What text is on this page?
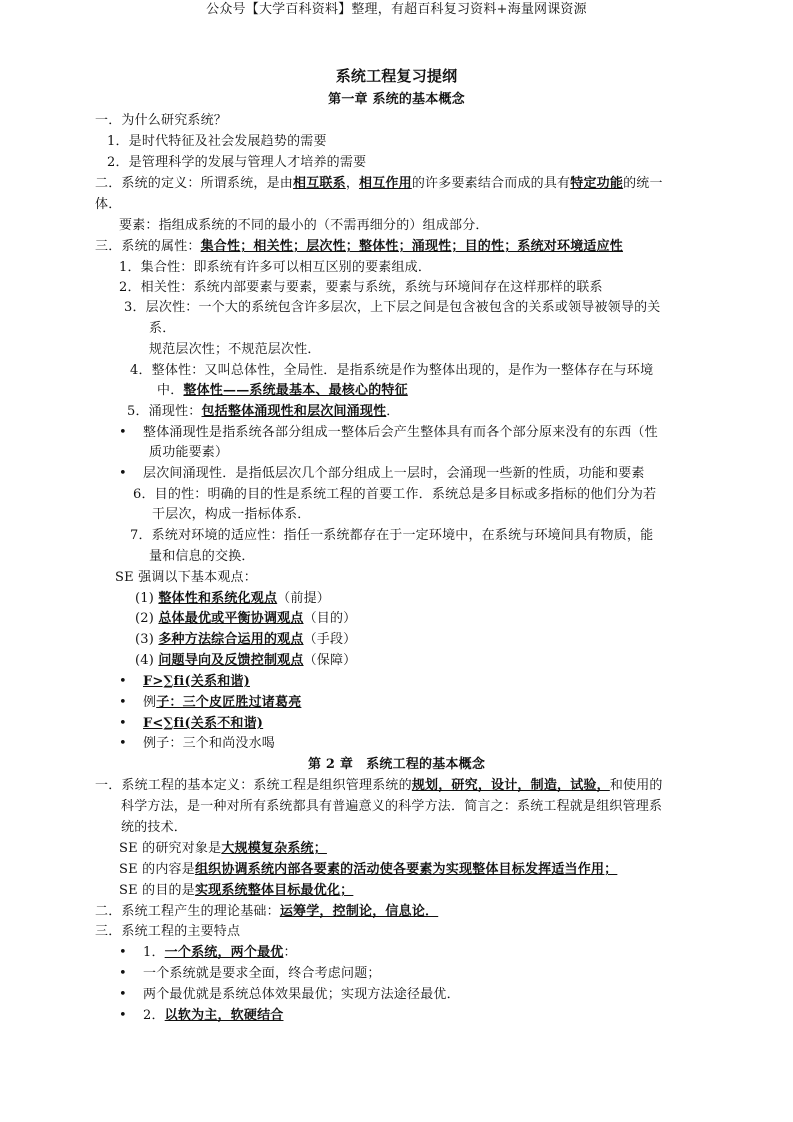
公众号【大学百科资料】整理，有超百科复习资料+海量网课资源
系统工程复习提纲
第一章 系统的基本概念
一．为什么研究系统？
1．是时代特征及社会发展趋势的需要
2．是管理科学的发展与管理人才培养的需要
二．系统的定义：所谓系统，是由相互联系，相互作用的许多要素结合而成的具有特定功能的统一
体．
要素：指组成系统的不同的最小的（不需再细分的）组成部分．
三．系统的属性：集合性；相关性；层次性；整体性；涌现性；目的性；系统对环境适应性
1．集合性：即系统有许多可以相互区别的要素组成．
2．相关性：系统内部要素与要素，要素与系统，系统与环境间存在这样那样的联系
3．层次性：一个大的系统包含许多层次，上下层之间是包含被包含的关系或领导被领导的关
系．
规范层次性；不规范层次性．
4．整体性：又叫总体性，全局性．是指系统是作为整体出现的，是作为一整体存在与环境
中．整体性——系统最基本、最核心的特征
5．涌现性：包括整体涌现性和层次间涌现性．
• 整体涌现性是指系统各部分组成一整体后会产生整体具有而各个部分原来没有的东西（性
质功能要素）
• 层次间涌现性．是指低层次几个部分组成上一层时，会涌现一些新的性质，功能和要素
6．目的性：明确的目的性是系统工程的首要工作．系统总是多目标或多指标的他们分为若
干层次，构成一指标体系．
7．系统对环境的适应性：指任一系统都存在于一定环境中，在系统与环境间具有物质，能
量和信息的交换．
SE 强调以下基本观点：
(1) 整体性和系统化观点（前提）
(2) 总体最优或平衡协调观点（目的）
(3) 多种方法综合运用的观点（手段）
(4) 问题导向及反馈控制观点（保障）
• F>∑fi(关系和谐)
• 例子：三个皮匠胜过诸葛亮
• F<∑fi(关系不和谐)
• 例子：三个和尚没水喝
第 2 章　系统工程的基本概念
一．系统工程的基本定义：系统工程是组织管理系统的规划，研究，设计，制造，试验，和使用的
科学方法，是一种对所有系统都具有普遍意义的科学方法．简言之：系统工程就是组织管理系
统的技术．
SE 的研究对象是大规模复杂系统；
SE 的内容是组织协调系统内部各要素的活动使各要素为实现整体目标发挥适当作用；
SE 的目的是实现系统整体目标最优化；
二．系统工程产生的理论基础：运筹学，控制论，信息论．
三．系统工程的主要特点
• 1．一个系统，两个最优：
• 一个系统就是要求全面，终合考虑问题；
• 两个最优就是系统总体效果最优；实现方法途径最优．
• 2．以软为主，软硬结合
